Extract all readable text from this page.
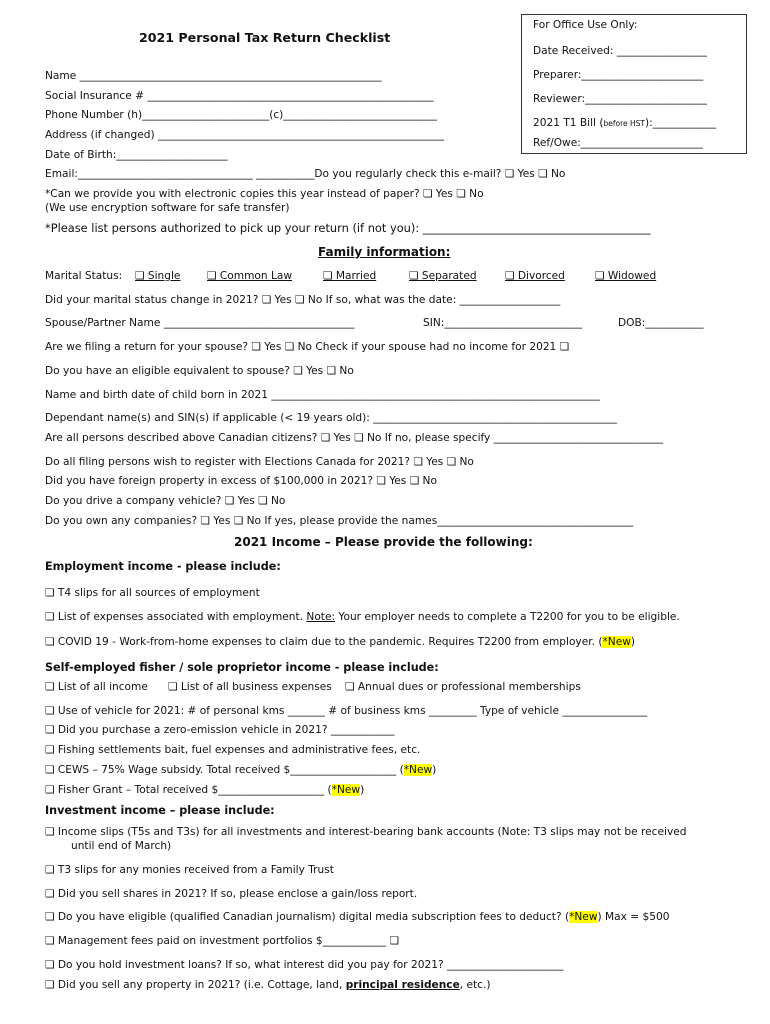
For Office Use Only:
Date Received: _________________
Preparer:_______________________
Reviewer:_______________________
2021 T1 Bill (before HST):____________
Ref/Owe:_______________________
2021 Personal Tax Return Checklist
Name _________________________________________________________
Social Insurance # ______________________________________________________
Phone Number (h)________________________(c)_____________________________
Address (if changed) ______________________________________________________
Date of Birth:_____________________
Email:_________________________________ ___________Do you regularly check this e-mail? ❏ Yes ❏ No
*Can we provide you with electronic copies this year instead of paper? ❏ Yes ❏ No
(We use encryption software for safe transfer)
*Please list persons authorized to pick up your return (if not you): ________________________________________
Family information:
Marital Status: ❏ Single	❏ Common Law	❏ Married	❏ Separated	❏ Divorced	❏ Widowed
Did your marital status change in 2021? ❏ Yes ❏ No If so, what was the date: ___________________
Spouse/Partner Name ____________________________________	SIN:__________________________	DOB:___________
Are we filing a return for your spouse? ❏ Yes ❏ No Check if your spouse had no income for 2021 ❏
Do you have an eligible equivalent to spouse? ❏ Yes ❏ No
Name and birth date of child born in 2021 ______________________________________________________________
Dependant name(s) and SIN(s) if applicable (< 19 years old): ______________________________________________
Are all persons described above Canadian citizens? ❏ Yes ❏ No If no, please specify ________________________________
Do all filing persons wish to register with Elections Canada for 2021? ❏ Yes ❏ No
Did you have foreign property in excess of $100,000 in 2021? ❏ Yes ❏ No
Do you drive a company vehicle? ❏ Yes ❏ No
Do you own any companies? ❏ Yes ❏ No If yes, please provide the names_____________________________________
2021 Income – Please provide the following:
Employment income - please include:
❏ T4 slips for all sources of employment
❏ List of expenses associated with employment. Note: Your employer needs to complete a T2200 for you to be eligible.
❏ COVID 19 - Work-from-home expenses to claim due to the pandemic. Requires T2200 from employer. (*New)
Self-employed fisher / sole proprietor income - please include:
❏ List of all income ❏ List of all business expenses ❏ Annual dues or professional memberships
❏ Use of vehicle for 2021: # of personal kms _______ # of business kms _________ Type of vehicle ________________
❏ Did you purchase a zero-emission vehicle in 2021? ____________
❏ Fishing settlements bait, fuel expenses and administrative fees, etc.
❏ CEWS – 75% Wage subsidy. Total received $____________________ (*New)
❏ Fisher Grant – Total received $____________________ (*New)
Investment income – please include:
❏ Income slips (T5s and T3s) for all investments and interest-bearing bank accounts (Note: T3 slips may not be received
until end of March)
❏ T3 slips for any monies received from a Family Trust
❏ Did you sell shares in 2021? If so, please enclose a gain/loss report.
❏ Do you have eligible (qualified Canadian journalism) digital media subscription fees to deduct? (*New) Max = $500
❏ Management fees paid on investment portfolios $____________ ❏
❏ Do you hold investment loans? If so, what interest did you pay for 2021? ______________________
❏ Did you sell any property in 2021? (i.e. Cottage, land, principal residence, etc.)
